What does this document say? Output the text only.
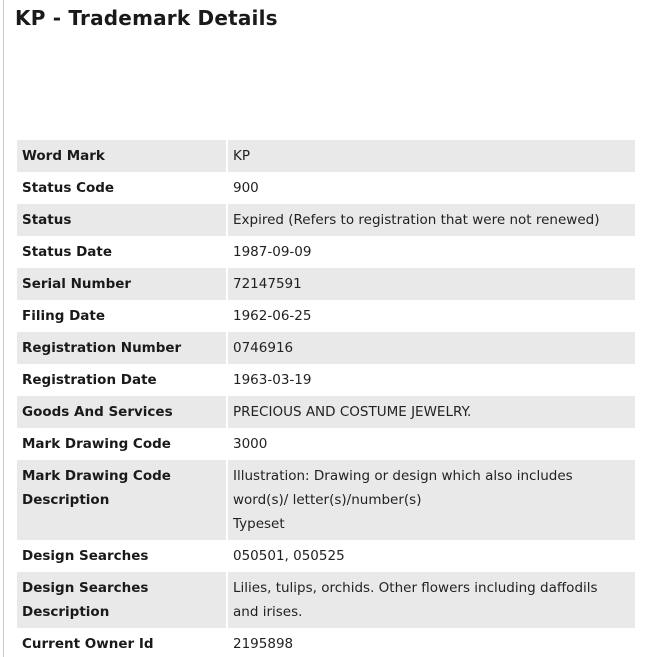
KP - Trademark Details
Word Mark	KP
Status Code	900
Status	Expired (Refers to registration that were not renewed)
Status Date	1987-09-09
Serial Number	72147591
Filing Date	1962-06-25
Registration Number	0746916
Registration Date	1963-03-19
Goods And Services	PRECIOUS AND COSTUME JEWELRY.
Mark Drawing Code	3000

Mark Drawing Code
Description	Illustration: Drawing or design which also includes
word(s)/ letter(s)/number(s)
Typeset

Design Searches	050501, 050525

Design Searches
Description	Lilies, tulips, orchids. Other flowers including daffodils
and irises.

Current Owner Id	2195898
